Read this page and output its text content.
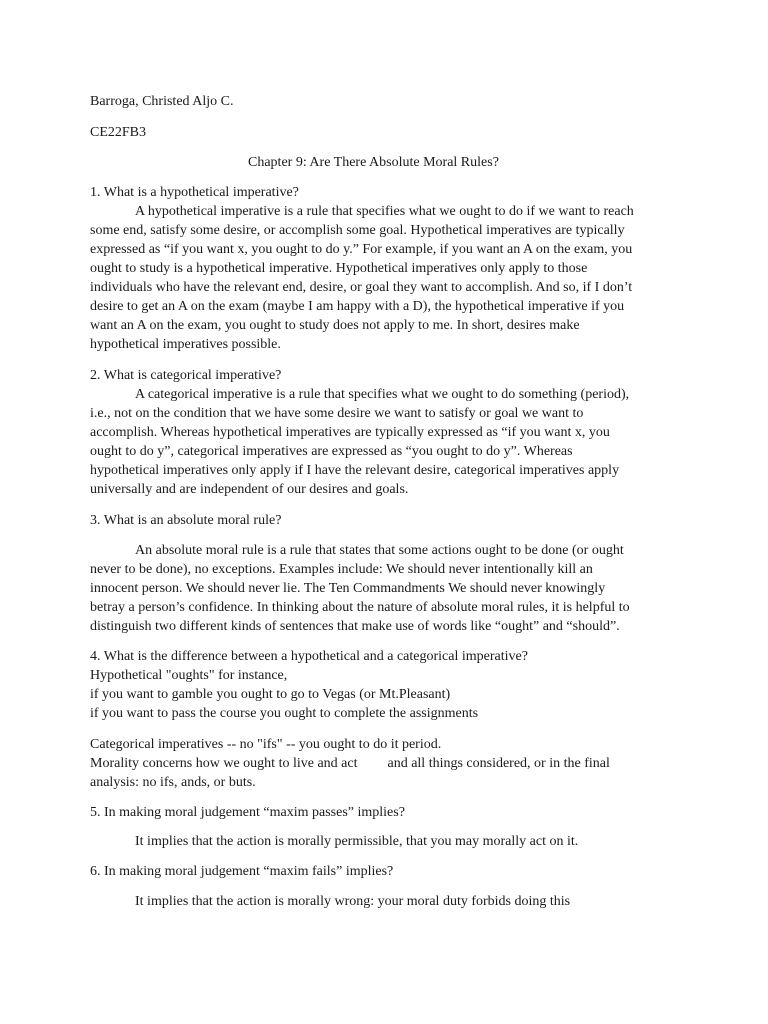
Barroga, Christed Aljo C.
CE22FB3
Chapter 9: Are There Absolute Moral Rules?
1. What is a hypothetical imperative?
A hypothetical imperative is a rule that specifies what we ought to do if we want to reach
some end, satisfy some desire, or accomplish some goal. Hypothetical imperatives are typically
expressed as “if you want x, you ought to do y.” For example, if you want an A on the exam, you
ought to study is a hypothetical imperative. Hypothetical imperatives only apply to those
individuals who have the relevant end, desire, or goal they want to accomplish. And so, if I don’t
desire to get an A on the exam (maybe I am happy with a D), the hypothetical imperative if you
want an A on the exam, you ought to study does not apply to me. In short, desires make
hypothetical imperatives possible.
2. What is categorical imperative?
A categorical imperative is a rule that specifies what we ought to do something (period),
i.e., not on the condition that we have some desire we want to satisfy or goal we want to
accomplish. Whereas hypothetical imperatives are typically expressed as “if you want x, you
ought to do y”, categorical imperatives are expressed as “you ought to do y”. Whereas
hypothetical imperatives only apply if I have the relevant desire, categorical imperatives apply
universally and are independent of our desires and goals.
3. What is an absolute moral rule?
An absolute moral rule is a rule that states that some actions ought to be done (or ought
never to be done), no exceptions. Examples include: We should never intentionally kill an
innocent person. We should never lie. The Ten Commandments We should never knowingly
betray a person’s confidence. In thinking about the nature of absolute moral rules, it is helpful to
distinguish two different kinds of sentences that make use of words like “ought” and “should”.
4. What is the difference between a hypothetical and a categorical imperative?
Hypothetical "oughts" for instance,
if you want to gamble you ought to go to Vegas (or Mt.Pleasant)
if you want to pass the course you ought to complete the assignments
Categorical imperatives -- no "ifs" -- you ought to do it period.
Morality concerns how we ought to live and act and all things considered, or in the final
analysis: no ifs, ands, or buts.
5. In making moral judgement “maxim passes” implies?
It implies that the action is morally permissible, that you may morally act on it.
6. In making moral judgement “maxim fails” implies?
It implies that the action is morally wrong: your moral duty forbids doing this
